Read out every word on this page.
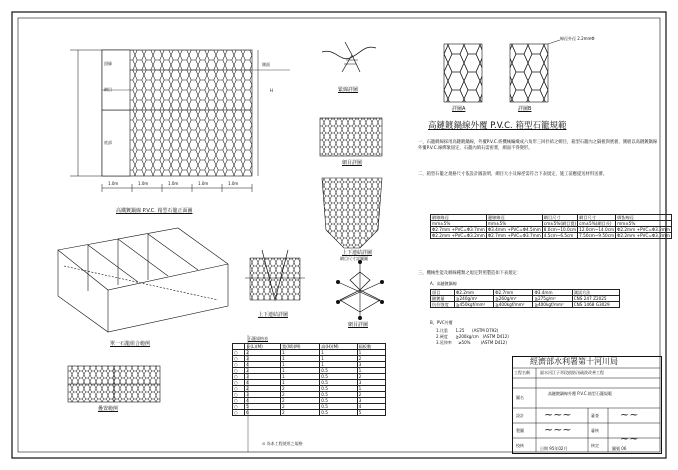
頂綠
網目
底部
H
側面
1.0m	1.0m	1.0m	1.0m	1.0m
高鐵鍍鍋線 P.V.C. 箱型石籠正面圖
緊線詳圖
網目詳圖
上下連結詳圖
上下連結詳圖
網目尺寸詳圖圖
網目詳圖
單一石籠組合範例
疊置範例
線徑外徑 2.2mmΦ
詳圖A	詳圖B
高鏈鍍鍋線外覆 P.V.C. 箱型石籠規範
一、石籠網線採用高鏈鍍鍋線，外覆P.V.C.經機械編織成六角形三回扑結之網目，箱型石籠內之隔板與底板、側板以高鏈鍍鍋線外覆P.V.C.線綁紮固定，石籠內填石需密實，網面不得變形。
二、箱型石籠之規格尺寸依設計圖說明，網目大小及線徑需符合下表規定，施工前應提送材料送審。
網線線徑	邊線線徑	網目尺寸	網目尺寸	綁紮線徑
mm±5%	mm±5%	cm±5%(網目寬)	cm±5%(網目長)	mm±5%
Φ2.7mm +PVC=Φ3.7mm	Φ3.4mm +PVC=Φ4.5mm	8.0cm~10.0cm	12.0cm~14.0cm	Φ2.2mm +PVC=Φ3.2mm
Φ2.2mm +PVC=Φ3.2mm	Φ2.7mm +PVC=Φ3.7mm	4.5cm~6.5cm	7.50cm~9.50cm	Φ2.2mm +PVC=Φ3.2mm
三、機械性能及網線種類之規定對照製造如下表規定：
A、高鏈鍍鍋線
項目	Φ2.2mm	Φ2.7mm	Φ3.4mm	測試方法
鏈鍍量	≧240g/m²	≧260g/m²	≧275g/m²	CNS 247 Z2025
抗拉強度	≧450kgf/mm²	≧400kgf/mm²	≧400kgf/mm²	CNS 1468 G3029
B、PVC外覆
1.比重 1.25 (ASTM D792)
2.硬度 ≧200kg/cm (ASTM D412)
3.延伸率 ≥50%	(ASTM D412)
石籠規格表
	長(L)(M)	寬(W)(M)	高(H)(M)	隔板數
○	2	1	1	1
○	3	1	1	2
○	4	1	1	3
○	2	1	0.5	1
○	3	1	0.5	2
○	4	1	0.5	3
○	2	2	0.5	1
○	3	2	0.5	2
○	4	2	0.5	3
○	5	2	0.5	4
○	6	2	0.5	5
⊙ 為本工程使用之規格
經濟部水利署第十河川局
工程名稱	淑水河江子翠段偵防汛疏浚改善工程
圖名
高鏈鍍鍋線外覆 P.V.C.箱型石籠規範
設計
製圖
校核
審查
審核
核定
日期 95年02月	圖號 06
~~~
~~~
~~
~~
